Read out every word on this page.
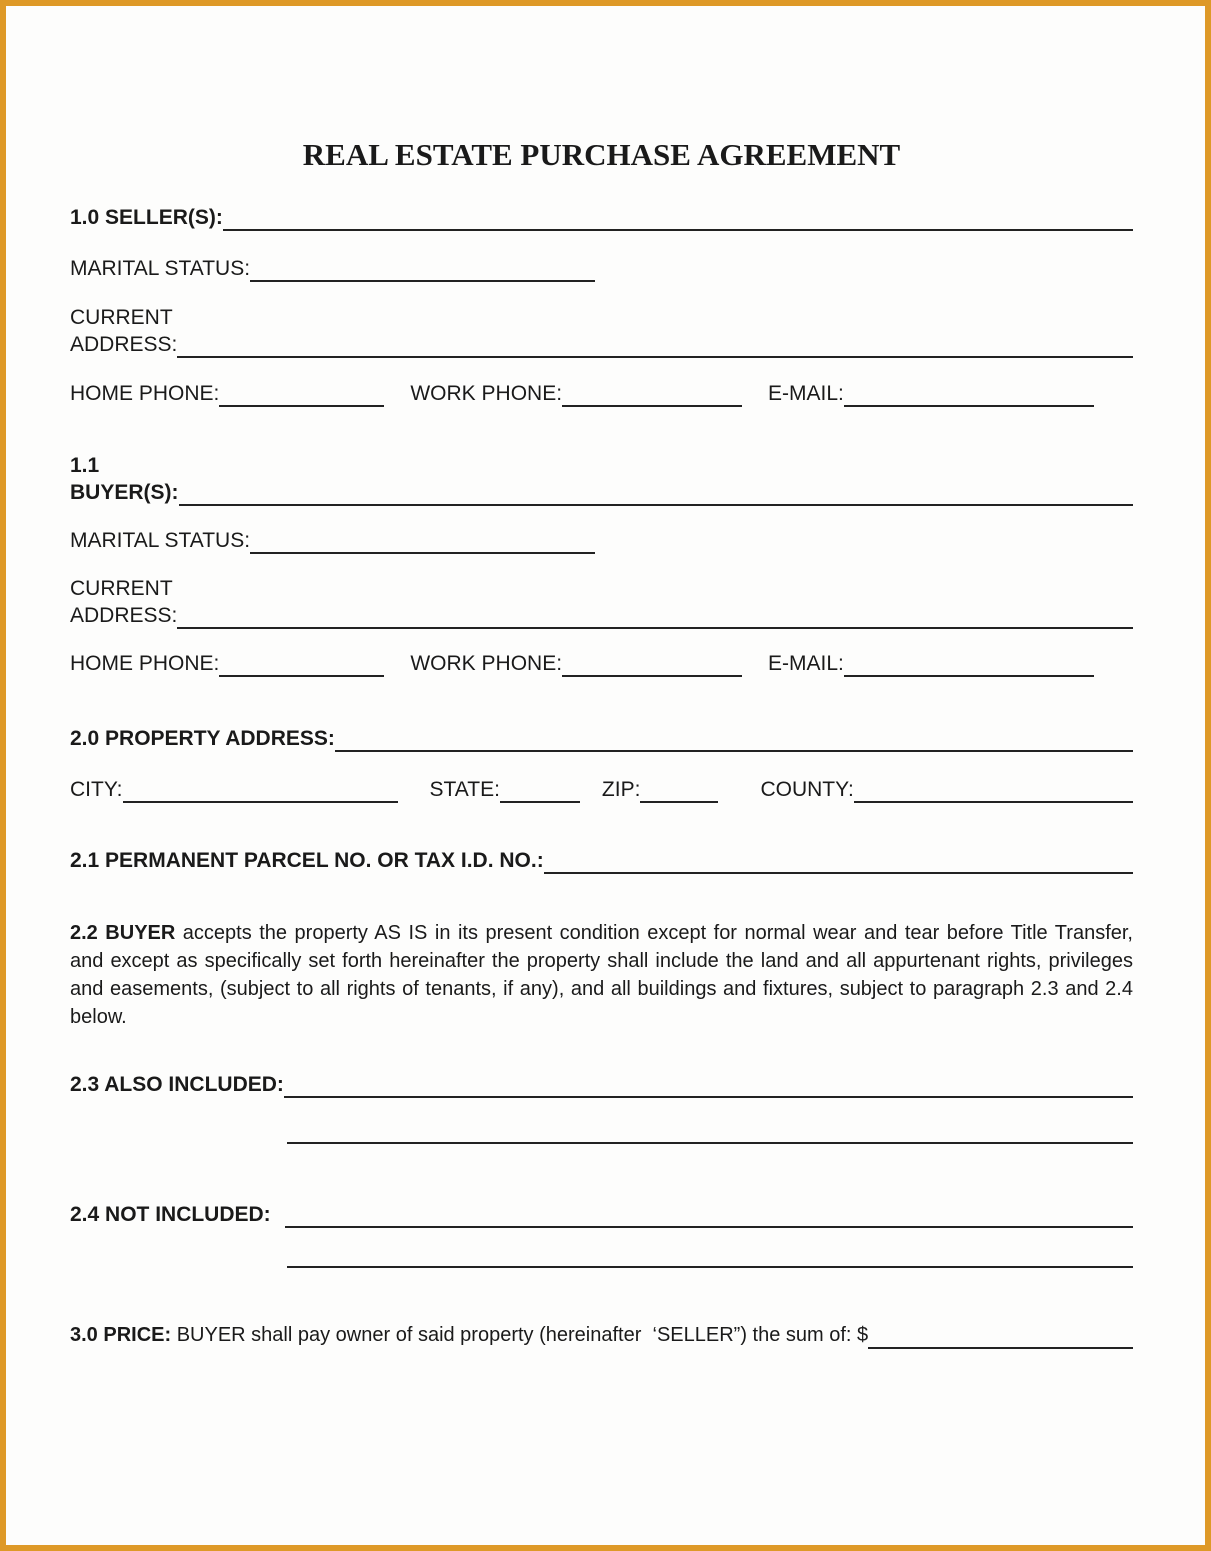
REAL ESTATE PURCHASE AGREEMENT
1.0 SELLER(S):
MARITAL STATUS:
CURRENT
ADDRESS:
HOME PHONE:	WORK PHONE:	E-MAIL:
1.1
BUYER(S):
MARITAL STATUS:
CURRENT
ADDRESS:
HOME PHONE:	WORK PHONE:	E-MAIL:
2.0 PROPERTY ADDRESS:
CITY:	STATE:	ZIP:	COUNTY:
2.1 PERMANENT PARCEL NO. OR TAX I.D. NO.:

2.2 BUYER accepts the property AS IS in its present condition except for normal wear and tear before Title Transfer, and except as specifically set forth hereinafter the property shall include the land and all appurtenant rights, privileges and easements, (subject to all rights of tenants, if any), and all buildings and fixtures, subject to paragraph 2.3 and 2.4 below.

2.3 ALSO INCLUDED:
2.4 NOT INCLUDED:
3.0 PRICE: BUYER shall pay owner of said property (hereinafter  ‘SELLER”) the sum of: $
